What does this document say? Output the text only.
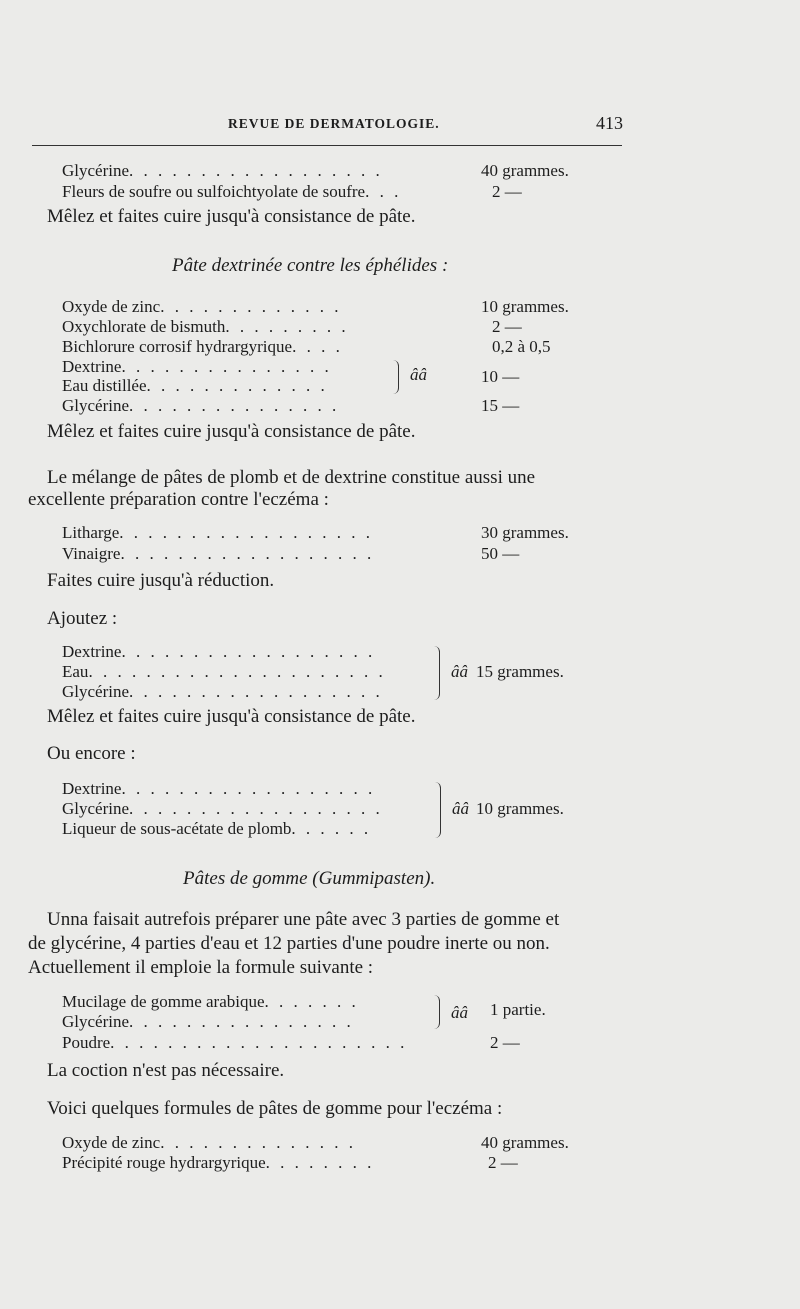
REVUE DE DERMATOLOGIE.	413
Glycérine. . . . . . . . . . . . . . . . . .	40 grammes.
Fleurs de soufre ou sulfoichtyolate de soufre. . .	2 —
Mêlez et faites cuire jusqu'à consistance de pâte.
Pâte dextrinée contre les éphélides :
Oxyde de zinc. . . . . . . . . . . . .	10 grammes.
Oxychlorate de bismuth. . . . . . . . .	2 —
Bichlorure corrosif hydrargyrique. . . .	0,2 à 0,5
Dextrine. . . . . . . . . . . . . . .
Eau distillée. . . . . . . . . . . . .
ââ	10 —
Glycérine. . . . . . . . . . . . . . .	15 —
Mêlez et faites cuire jusqu'à consistance de pâte.
Le mélange de pâtes de plomb et de dextrine constitue aussi une
excellente préparation contre l'eczéma :
Litharge. . . . . . . . . . . . . . . . . .	30 grammes.
Vinaigre. . . . . . . . . . . . . . . . . .	50 —
Faites cuire jusqu'à réduction.
Ajoutez :
Dextrine. . . . . . . . . . . . . . . . . .
Eau. . . . . . . . . . . . . . . . . . . . .
Glycérine. . . . . . . . . . . . . . . . . .
ââ 15 grammes.
Mêlez et faites cuire jusqu'à consistance de pâte.
Ou encore :
Dextrine. . . . . . . . . . . . . . . . . .
Glycérine. . . . . . . . . . . . . . . . . .
Liqueur de sous-acétate de plomb. . . . . .
ââ 10 grammes.
Pâtes de gomme (Gummipasten).
Unna faisait autrefois préparer une pâte avec 3 parties de gomme et
de glycérine, 4 parties d'eau et 12 parties d'une poudre inerte ou non.
Actuellement il emploie la formule suivante :
Mucilage de gomme arabique. . . . . . .
Glycérine. . . . . . . . . . . . . . . .	ââ 1 partie.
Poudre. . . . . . . . . . . . . . . . . . . . .	2 —
La coction n'est pas nécessaire.
Voici quelques formules de pâtes de gomme pour l'eczéma :
Oxyde de zinc. . . . . . . . . . . . . .	40 grammes.
Précipité rouge hydrargyrique. . . . . . . .	2 —
